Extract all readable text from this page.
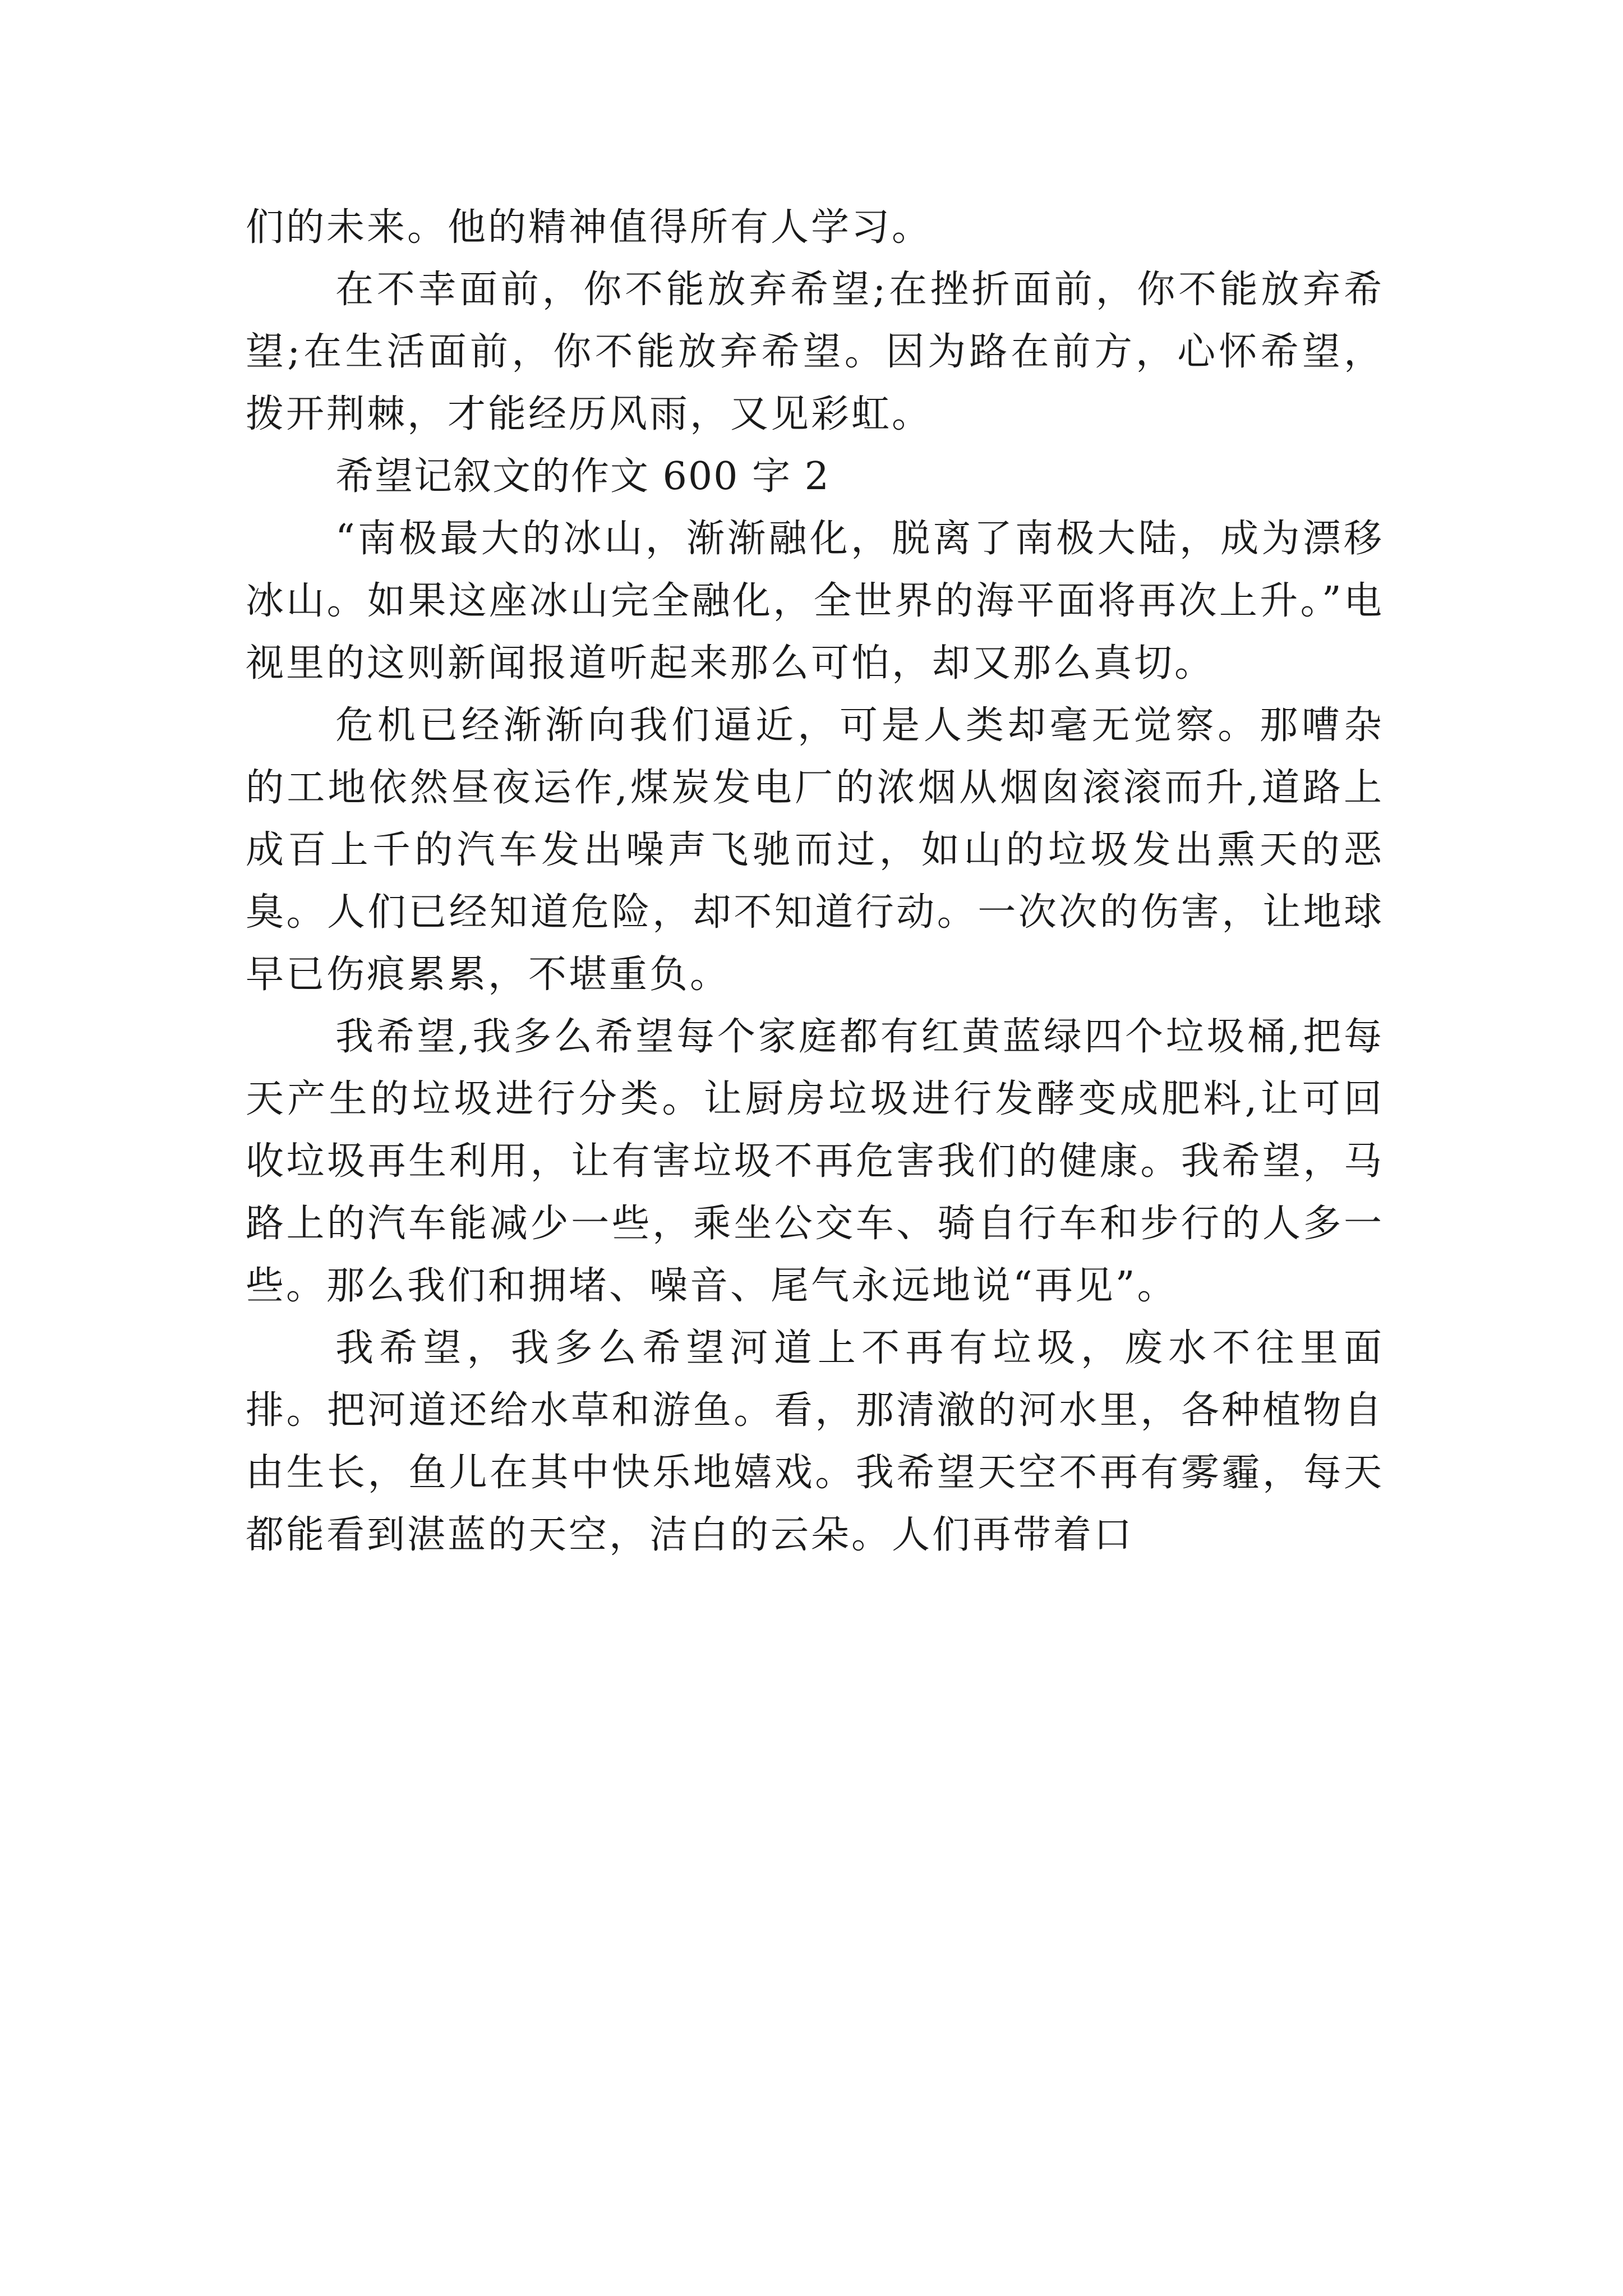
们的未来。他的精神值得所有人学习。

在不幸面前，你不能放弃希望;在挫折面前，你不能放弃希望;在生活面前，你不能放弃希望。因为路在前方，心怀希望，拨开荆棘，才能经历风雨，又见彩虹。

希望记叙文的作文 600 字 2

“南极最大的冰山，渐渐融化，脱离了南极大陆，成为漂移冰山。如果这座冰山完全融化，全世界的海平面将再次上升。”电视里的这则新闻报道听起来那么可怕，却又那么真切。

危机已经渐渐向我们逼近，可是人类却毫无觉察。那嘈杂的工地依然昼夜运作,煤炭发电厂的浓烟从烟囱滚滚而升,道路上成百上千的汽车发出噪声飞驰而过，如山的垃圾发出熏天的恶臭。人们已经知道危险，却不知道行动。一次次的伤害，让地球早已伤痕累累，不堪重负。

我希望,我多么希望每个家庭都有红黄蓝绿四个垃圾桶,把每天产生的垃圾进行分类。让厨房垃圾进行发酵变成肥料,让可回收垃圾再生利用，让有害垃圾不再危害我们的健康。我希望，马路上的汽车能减少一些，乘坐公交车、骑自行车和步行的人多一些。那么我们和拥堵、噪音、尾气永远地说“再见”。

我希望，我多么希望河道上不再有垃圾，废水不往里面排。把河道还给水草和游鱼。看，那清澈的河水里，各种植物自由生长，鱼儿在其中快乐地嬉戏。我希望天空不再有雾霾，每天都能看到湛蓝的天空，洁白的云朵。人们再带着口
